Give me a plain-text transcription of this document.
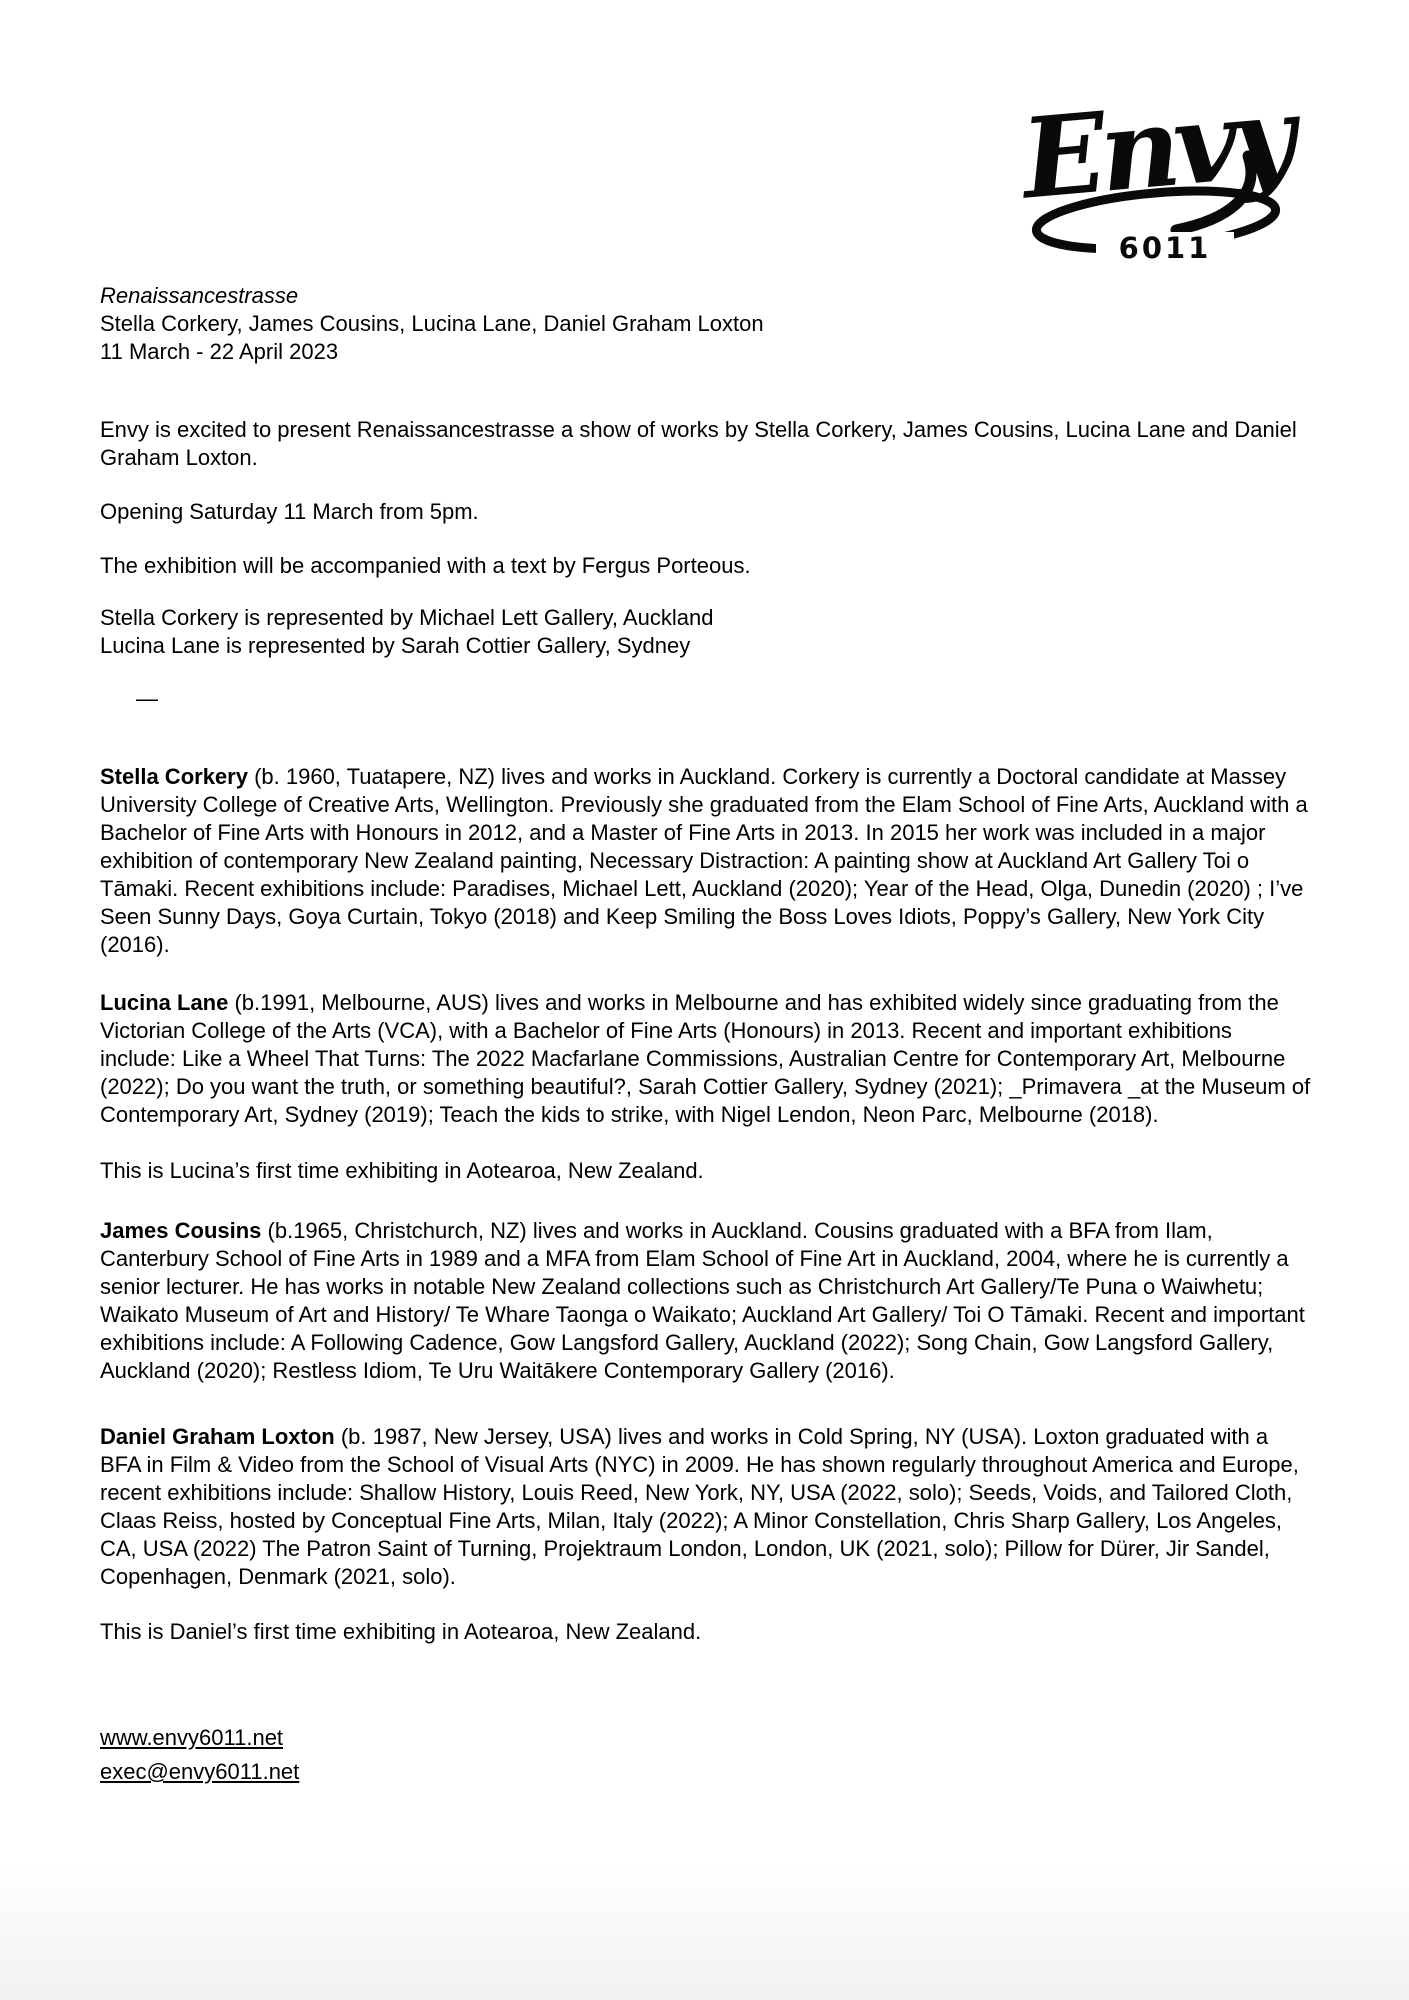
Envy
6011

Renaissancestrasse

Stella Corkery, James Cousins, Lucina Lane, Daniel Graham Loxton

11 March - 22 April 2023

Envy is excited to present Renaissancestrasse a show of works by Stella Corkery, James Cousins, Lucina Lane and Daniel Graham Loxton.

Opening Saturday 11 March from 5pm.

The exhibition will be accompanied with a text by Fergus Porteous.

Stella Corkery is represented by Michael Lett Gallery, Auckland

Lucina Lane is represented by Sarah Cottier Gallery, Sydney

—

Stella Corkery (b. 1960, Tuatapere, NZ) lives and works in Auckland. Corkery is currently a Doctoral candidate at Massey University College of Creative Arts, Wellington. Previously she graduated from the Elam School of Fine Arts, Auckland with a Bachelor of Fine Arts with Honours in 2012, and a Master of Fine Arts in 2013. In 2015 her work was included in a major exhibition of contemporary New Zealand painting, Necessary Distraction: A painting show at Auckland Art Gallery Toi o Tāmaki. Recent exhibitions include: Paradises, Michael Lett, Auckland (2020); Year of the Head, Olga, Dunedin (2020) ; I’ve Seen Sunny Days, Goya Curtain, Tokyo (2018) and Keep Smiling the Boss Loves Idiots, Poppy’s Gallery, New York City (2016).

Lucina Lane (b.1991, Melbourne, AUS) lives and works in Melbourne and has exhibited widely since graduating from the Victorian College of the Arts (VCA), with a Bachelor of Fine Arts (Honours) in 2013. Recent and important exhibitions include: Like a Wheel That Turns: The 2022 Macfarlane Commissions, Australian Centre for Contemporary Art, Melbourne (2022); Do you want the truth, or something beautiful?, Sarah Cottier Gallery, Sydney (2021); _Primavera _at the Museum of Contemporary Art, Sydney (2019); Teach the kids to strike, with Nigel Lendon, Neon Parc, Melbourne (2018).

This is Lucina’s first time exhibiting in Aotearoa, New Zealand.

James Cousins (b.1965, Christchurch, NZ) lives and works in Auckland. Cousins graduated with a BFA from Ilam, Canterbury School of Fine Arts in 1989 and a MFA from Elam School of Fine Art in Auckland, 2004, where he is currently a senior lecturer. He has works in notable New Zealand collections such as Christchurch Art Gallery/Te Puna o Waiwhetu; Waikato Museum of Art and History/ Te Whare Taonga o Waikato; Auckland Art Gallery/ Toi O Tāmaki. Recent and important exhibitions include: A Following Cadence, Gow Langsford Gallery, Auckland (2022); Song Chain, Gow Langsford Gallery, Auckland (2020); Restless Idiom, Te Uru Waitākere Contemporary Gallery (2016).

Daniel Graham Loxton (b. 1987, New Jersey, USA) lives and works in Cold Spring, NY (USA). Loxton graduated with a BFA in Film & Video from the School of Visual Arts (NYC) in 2009. He has shown regularly throughout America and Europe, recent exhibitions include: Shallow History, Louis Reed, New York, NY, USA (2022, solo); Seeds, Voids, and Tailored Cloth, Claas Reiss, hosted by Conceptual Fine Arts, Milan, Italy (2022); A Minor Constellation, Chris Sharp Gallery, Los Angeles, CA, USA (2022) The Patron Saint of Turning, Projektraum London, London, UK (2021, solo); Pillow for Dürer, Jir Sandel, Copenhagen, Denmark (2021, solo).

This is Daniel’s first time exhibiting in Aotearoa, New Zealand.

www.envy6011.net

exec@envy6011.net
